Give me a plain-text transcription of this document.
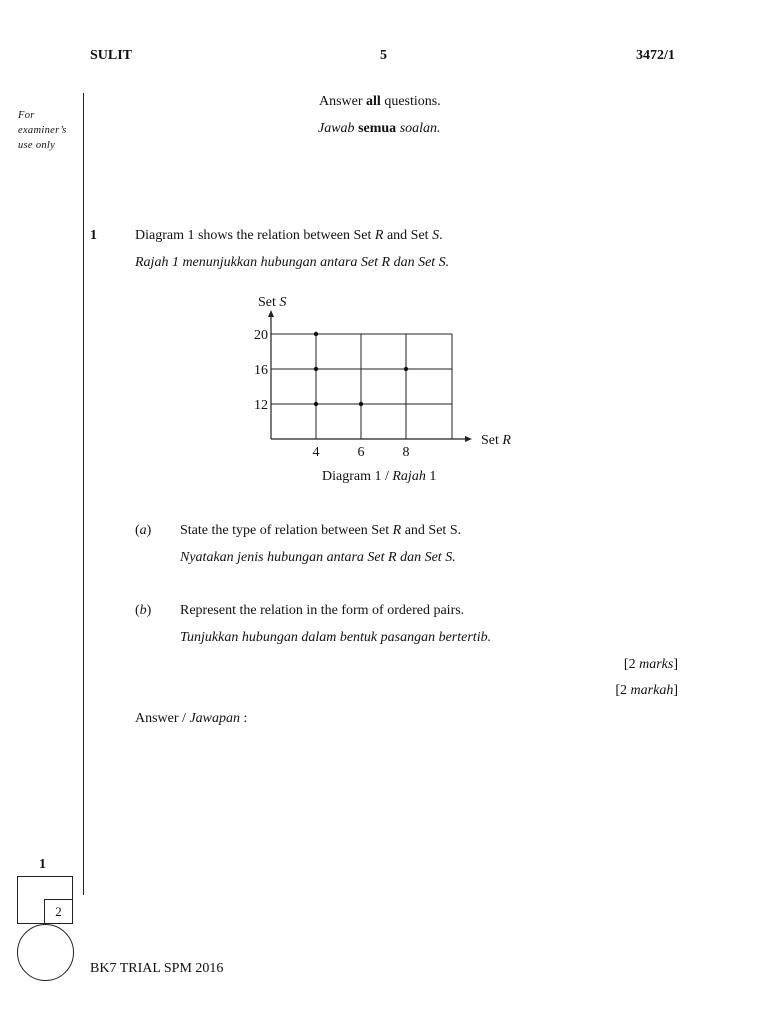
SULIT	5	3472/1
Answer all questions.
Jawab semua soalan.
For
examiner’s
use only
1	Diagram 1 shows the relation between Set R and Set S.
Rajah 1 menunjukkan hubungan antara Set R dan Set S.
4	6	8
20
16
12
Set S
Set R
Diagram 1 / Rajah 1
(a) State the type of relation between Set R and Set S.
Nyatakan jenis hubungan antara Set R dan Set S.
(b) Represent the relation in the form of ordered pairs.
Tunjukkan hubungan dalam bentuk pasangan bertertib.
[2 marks]
[2 markah]
Answer / Jawapan :
1
2
BK7 TRIAL SPM 2016
